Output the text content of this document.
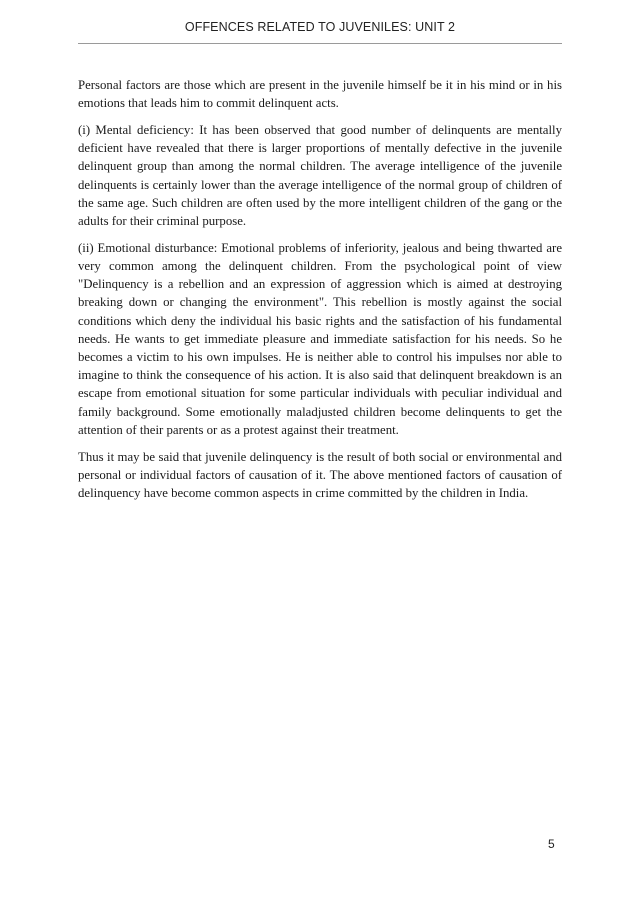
OFFENCES RELATED TO JUVENILES: UNIT 2

Personal factors are those which are present in the juvenile himself be it in his mind or in his emotions that leads him to commit delinquent acts.

(i) Mental deficiency: It has been observed that good number of delinquents are mentally deficient have revealed that there is larger proportions of mentally defective in the juvenile delinquent group than among the normal children. The average intelligence of the juvenile delinquents is certainly lower than the average intelligence of the normal group of children of the same age. Such children are often used by the more intelligent children of the gang or the adults for their criminal purpose.

(ii) Emotional disturbance: Emotional problems of inferiority, jealous and being thwarted are very common among the delinquent children. From the psychological point of view "Delinquency is a rebellion and an expression of aggression which is aimed at destroying breaking down or changing the environment". This rebellion is mostly against the social conditions which deny the individual his basic rights and the satisfaction of his fundamental needs. He wants to get immediate pleasure and immediate satisfaction for his needs. So he becomes a victim to his own impulses. He is neither able to control his impulses nor able to imagine to think the consequence of his action. It is also said that delinquent breakdown is an escape from emotional situation for some particular individuals with peculiar individual and family background. Some emotionally maladjusted children become delinquents to get the attention of their parents or as a protest against their treatment.

Thus it may be said that juvenile delinquency is the result of both social or environmental and personal or individual factors of causation of it. The above mentioned factors of causation of delinquency have become common aspects in crime committed by the children in India.

5
